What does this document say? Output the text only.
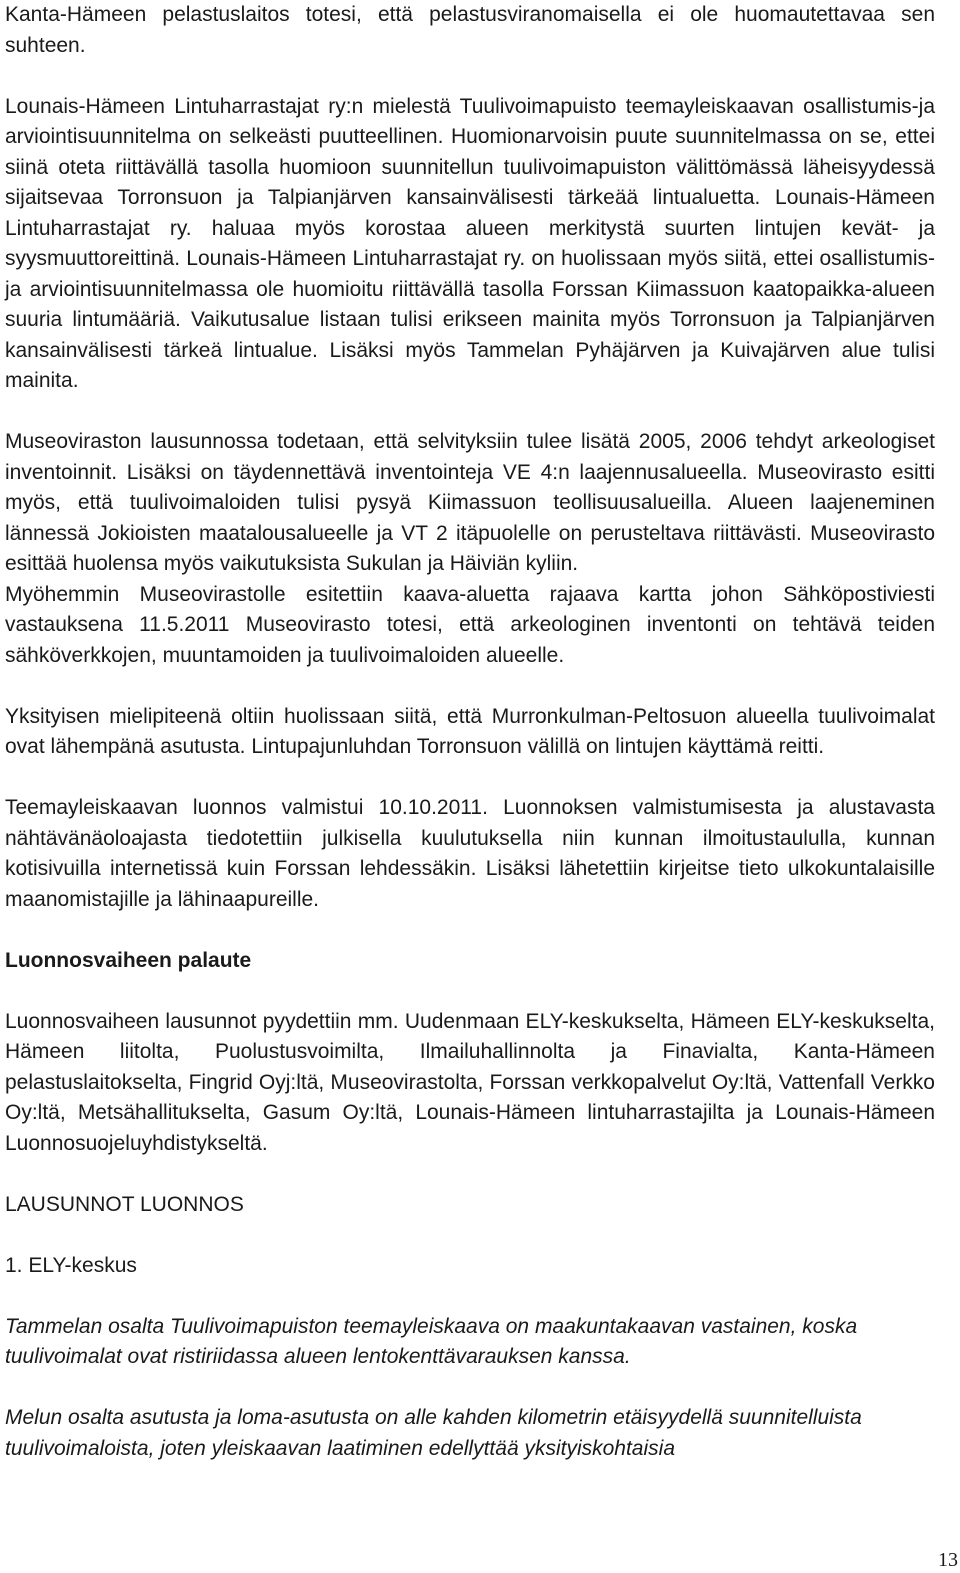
Kanta-Hämeen pelastuslaitos totesi, että pelastusviranomaisella ei ole huomautettavaa sen suhteen.

Lounais-Hämeen Lintuharrastajat ry:n mielestä Tuulivoimapuisto teemayleiskaavan osallistumis-ja arviointisuunnitelma on selkeästi puutteellinen. Huomionarvoisin puute suunnitelmassa on se, ettei siinä oteta riittävällä tasolla huomioon suunnitellun tuulivoimapuiston välittömässä läheisyydessä sijaitsevaa Torronsuon ja Talpianjärven kansainvälisesti tärkeää lintualuetta. Lounais-Hämeen Lintuharrastajat ry. haluaa myös korostaa alueen merkitystä suurten lintujen kevät- ja syysmuuttoreittinä. Lounais-Hämeen Lintuharrastajat ry. on huolissaan myös siitä, ettei osallistumis- ja arviointisuunnitelmassa ole huomioitu riittävällä tasolla Forssan Kiimassuon kaatopaikka-alueen suuria lintumääriä. Vaikutusalue listaan tulisi erikseen mainita myös Torronsuon ja Talpianjärven kansainvälisesti tärkeä lintualue. Lisäksi myös Tammelan Pyhäjärven ja Kuivajärven alue tulisi mainita.

Museoviraston lausunnossa todetaan, että selvityksiin tulee lisätä 2005, 2006 tehdyt arkeologiset inventoinnit. Lisäksi on täydennettävä inventointeja VE 4:n laajennusalueella. Museovirasto esitti myös, että tuulivoimaloiden tulisi pysyä Kiimassuon teollisuusalueilla. Alueen laajeneminen lännessä Jokioisten maatalousalueelle ja VT 2 itäpuolelle on perusteltava riittävästi. Museovirasto esittää huolensa myös vaikutuksista Sukulan ja Häiviän kyliin.

Myöhemmin Museovirastolle esitettiin kaava-aluetta rajaava kartta johon Sähköpostiviesti vastauksena 11.5.2011 Museovirasto totesi, että arkeologinen inventonti on tehtävä teiden sähköverkkojen, muuntamoiden ja tuulivoimaloiden alueelle.

Yksityisen mielipiteenä oltiin huolissaan siitä, että Murronkulman-Peltosuon alueella tuulivoimalat ovat lähempänä asutusta. Lintupajunluhdan Torronsuon välillä on lintujen käyttämä reitti.

Teemayleiskaavan luonnos valmistui 10.10.2011. Luonnoksen valmistumisesta ja alustavasta nähtävänäoloajasta tiedotettiin julkisella kuulutuksella niin kunnan ilmoitustaululla, kunnan kotisivuilla internetissä kuin Forssan lehdessäkin. Lisäksi lähetettiin kirjeitse tieto ulkokuntalaisille maanomistajille ja lähinaapureille.

Luonnosvaiheen palaute

Luonnosvaiheen lausunnot pyydettiin mm. Uudenmaan ELY-keskukselta, Hämeen ELY-keskukselta, Hämeen liitolta, Puolustusvoimilta, Ilmailuhallinnolta ja Finavialta, Kanta-Hämeen pelastuslaitokselta, Fingrid Oyj:ltä, Museovirastolta, Forssan verkkopalvelut Oy:ltä, Vattenfall Verkko Oy:ltä, Metsähallitukselta, Gasum Oy:ltä, Lounais-Hämeen lintuharrastajilta ja Lounais-Hämeen Luonnosuojeluyhdistykseltä.

LAUSUNNOT LUONNOS

1. ELY-keskus

Tammelan osalta Tuulivoimapuiston teemayleiskaava on maakuntakaavan vastainen, koska tuulivoimalat ovat ristiriidassa alueen lentokenttävarauksen kanssa.

Melun osalta asutusta ja loma-asutusta on alle kahden kilometrin etäisyydellä suunnitelluista tuulivoimaloista, joten yleiskaavan laatiminen edellyttää yksityiskohtaisia

13
